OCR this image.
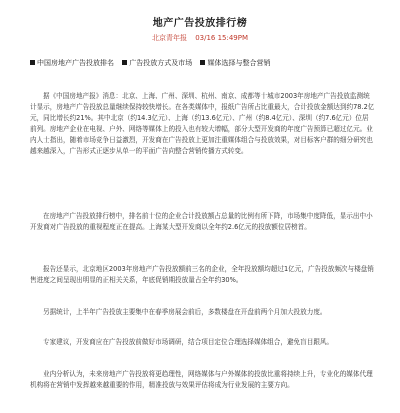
地产广告投放排行榜
北京青年报 03/16 15:49PM
中国房地产广告投放排名 广告投放方式及市场 媒体选择与整合营销

据《中国房地产报》消息：北京、上海、广州、深圳、杭州、南京、成都等十城市2003年房地产广告投放监测统计显示，房地产广告投放总量继续保持较快增长。在各类媒体中，报纸广告所占比重最大，合计投放金额达到约78.2亿元，同比增长约21%。其中北京（约14.3亿元）、上海（约13.6亿元）、广州（约8.4亿元）、深圳（约7.6亿元）位居前列。房地产企业在电视、户外、网络等媒体上的投入也有较大增幅，部分大型开发商的年度广告预算已超过亿元。业内人士指出，随着市场竞争日益激烈，开发商在广告投放上更加注重媒体组合与投放效果，对目标客户群的细分研究也越来越深入，广告形式正逐步从单一的平面广告向整合营销传播方式转变。

在房地产广告投放排行榜中，排名前十位的企业合计投放额占总量的比例有所下降，市场集中度降低，显示出中小开发商对广告投放的重视程度正在提高。上海某大型开发商以全年约2.6亿元的投放额位居榜首。

报告还显示，北京地区2003年房地产广告投放额前三名的企业，全年投放额均超过1亿元，广告投放频次与楼盘销售进度之间呈现出明显的正相关关系，年底促销期投放量占全年约30%。

另据统计，上半年广告投放主要集中在春季房展会前后，多数楼盘在开盘前两个月加大投放力度。

专家建议，开发商应在广告投放前做好市场调研，结合项目定位合理选择媒体组合，避免盲目跟风。

业内分析认为，未来房地产广告投放将更趋理性，网络媒体与户外媒体的投放比重将持续上升，专业化的媒体代理机构将在营销中发挥越来越重要的作用，精准投放与效果评估将成为行业发展的主要方向。
